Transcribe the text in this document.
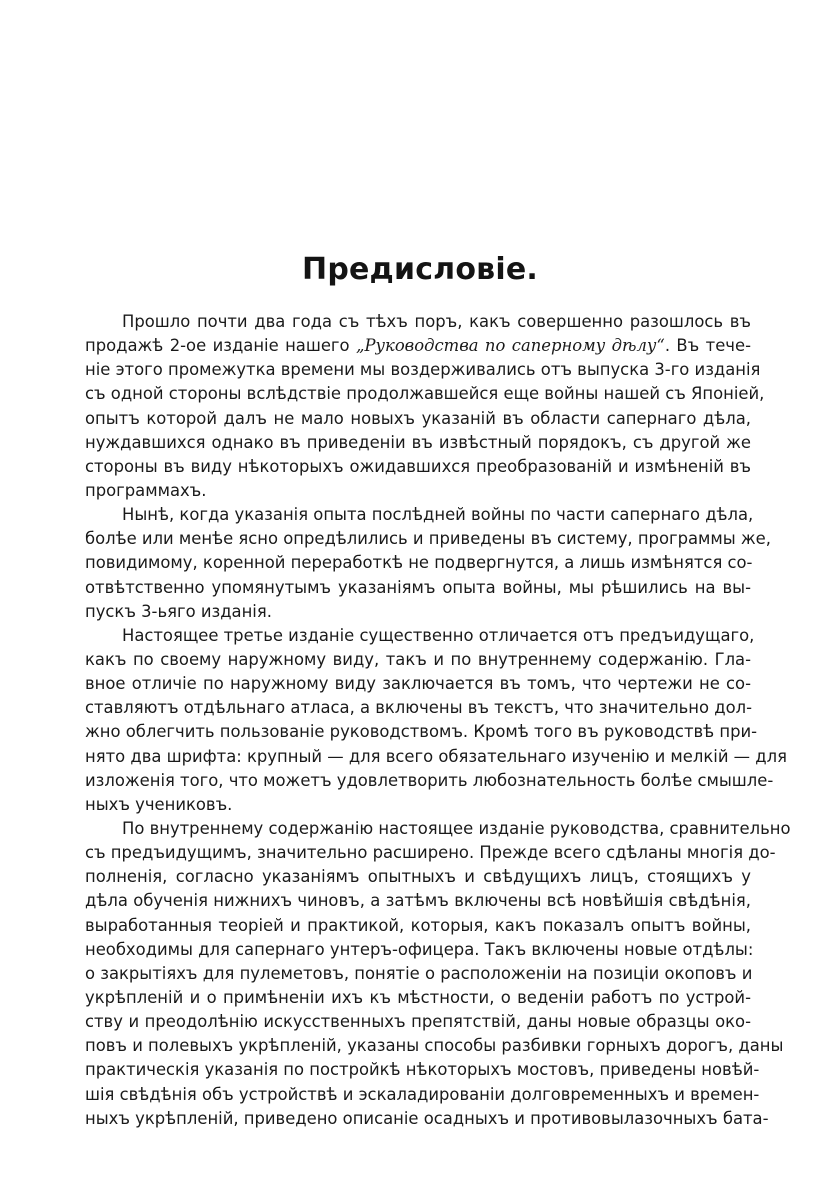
Предисловіе.
Прошло почти два года съ тѣхъ поръ, какъ совершенно разошлось въ
продажѣ 2-ое изданіе нашего „Руководства по саперному дѣлу“. Въ тече-
ніе этого промежутка времени мы воздерживались отъ выпуска 3-го изданія
съ одной стороны вслѣдствіе продолжавшейся еще войны нашей съ Японіей,
опытъ которой далъ не мало новыхъ указаній въ области сапернаго дѣла,
нуждавшихся однако въ приведеніи въ извѣстный порядокъ, съ другой же
стороны въ виду нѣкоторыхъ ожидавшихся преобразованій и измѣненій въ
программахъ.
Нынѣ, когда указанія опыта послѣдней войны по части сапернаго дѣла,
болѣе или менѣе ясно опредѣлились и приведены въ систему, программы же,
повидимому, коренной переработкѣ не подвергнутся, а лишь измѣнятся со-
отвѣтственно упомянутымъ указаніямъ опыта войны, мы рѣшились на вы-
пускъ 3-ьяго изданія.
Настоящее третье изданіе существенно отличается отъ предъидущаго,
какъ по своему наружному виду, такъ и по внутреннему содержанію. Гла-
вное отличіе по наружному виду заключается въ томъ, что чертежи не со-
ставляютъ отдѣльнаго атласа, а включены въ текстъ, что значительно дол-
жно облегчить пользованіе руководствомъ. Кромѣ того въ руководствѣ при-
нято два шрифта: крупный — для всего обязательнаго изученію и мелкій — для
изложенія того, что можетъ удовлетворить любознательность болѣе смышле-
ныхъ учениковъ.
По внутреннему содержанію настоящее изданіе руководства, сравнительно
съ предъидущимъ, значительно расширено. Прежде всего сдѣланы многія до-
полненія, согласно указаніямъ опытныхъ и свѣдущихъ лицъ, стоящихъ у
дѣла обученія нижнихъ чиновъ, а затѣмъ включены всѣ новѣйшія свѣдѣнія,
выработанныя теоріей и практикой, которыя, какъ показалъ опытъ войны,
необходимы для сапернаго унтеръ-офицера. Такъ включены новые отдѣлы:
о закрытіяхъ для пулеметовъ, понятіе о расположеніи на позиціи окоповъ и
укрѣпленій и о примѣненіи ихъ къ мѣстности, о веденіи работъ по устрой-
ству и преодолѣнію искусственныхъ препятствій, даны новые образцы око-
повъ и полевыхъ укрѣпленій, указаны способы разбивки горныхъ дорогъ, даны
практическія указанія по постройкѣ нѣкоторыхъ мостовъ, приведены новѣй-
шія свѣдѣнія объ устройствѣ и эскаладированіи долговременныхъ и времен-
ныхъ укрѣпленій, приведено описаніе осадныхъ и противовылазочныхъ бата-
